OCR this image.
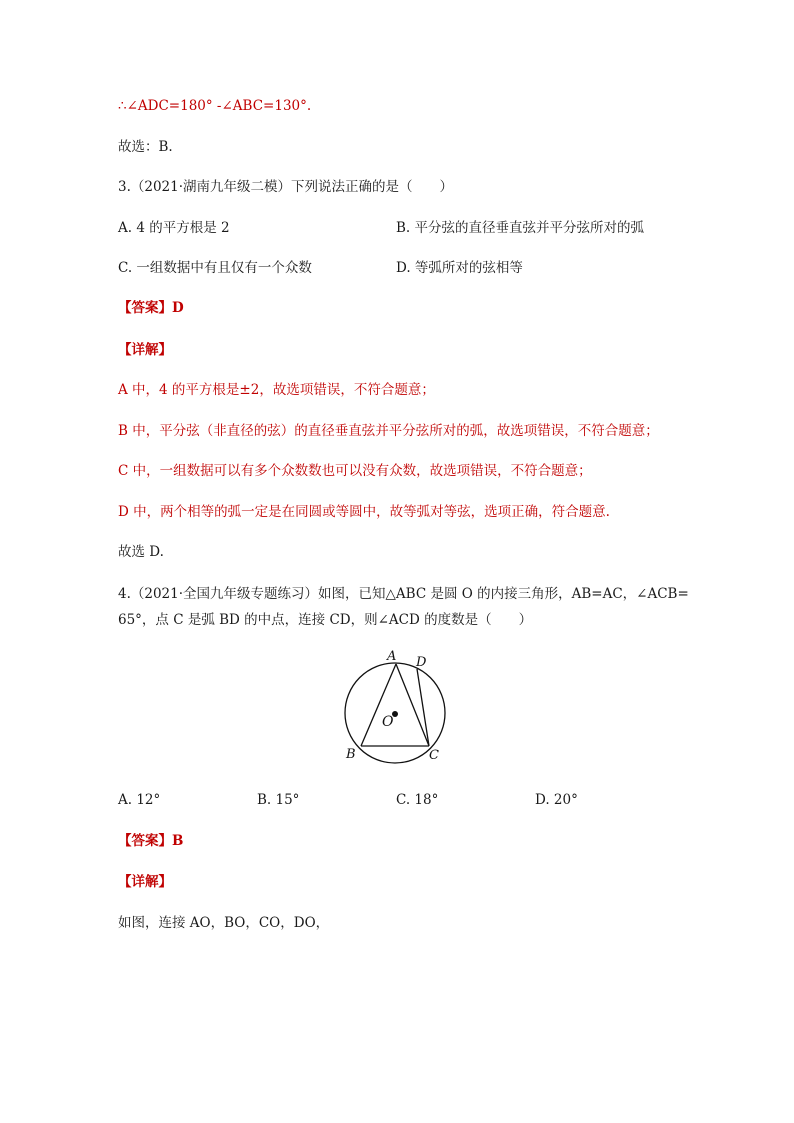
∴∠ADC=180° -∠ABC=130°.
故选：B.
3.（2021·湖南九年级二模）下列说法正确的是（　　）
A. 4 的平方根是 2	B. 平分弦的直径垂直弦并平分弦所对的弧
C. 一组数据中有且仅有一个众数	D. 等弧所对的弦相等
【答案】D
【详解】
A 中，4 的平方根是±2，故选项错误，不符合题意；
B 中，平分弦（非直径的弦）的直径垂直弦并平分弦所对的弧，故选项错误，不符合题意；
C 中，一组数据可以有多个众数数也可以没有众数，故选项错误，不符合题意；
D 中，两个相等的弧一定是在同圆或等圆中，故等弧对等弦，选项正确，符合题意.
故选 D.
4.（2021·全国九年级专题练习）如图，已知△ABC 是圆 O 的内接三角形，AB=AC，∠ACB=
65°，点 C 是弧 BD 的中点，连接 CD，则∠ACD 的度数是（　　）
A D
O
B	C
A. 12°	B. 15°	C. 18°	D. 20°
【答案】B
【详解】
如图，连接 AO，BO，CO，DO，
